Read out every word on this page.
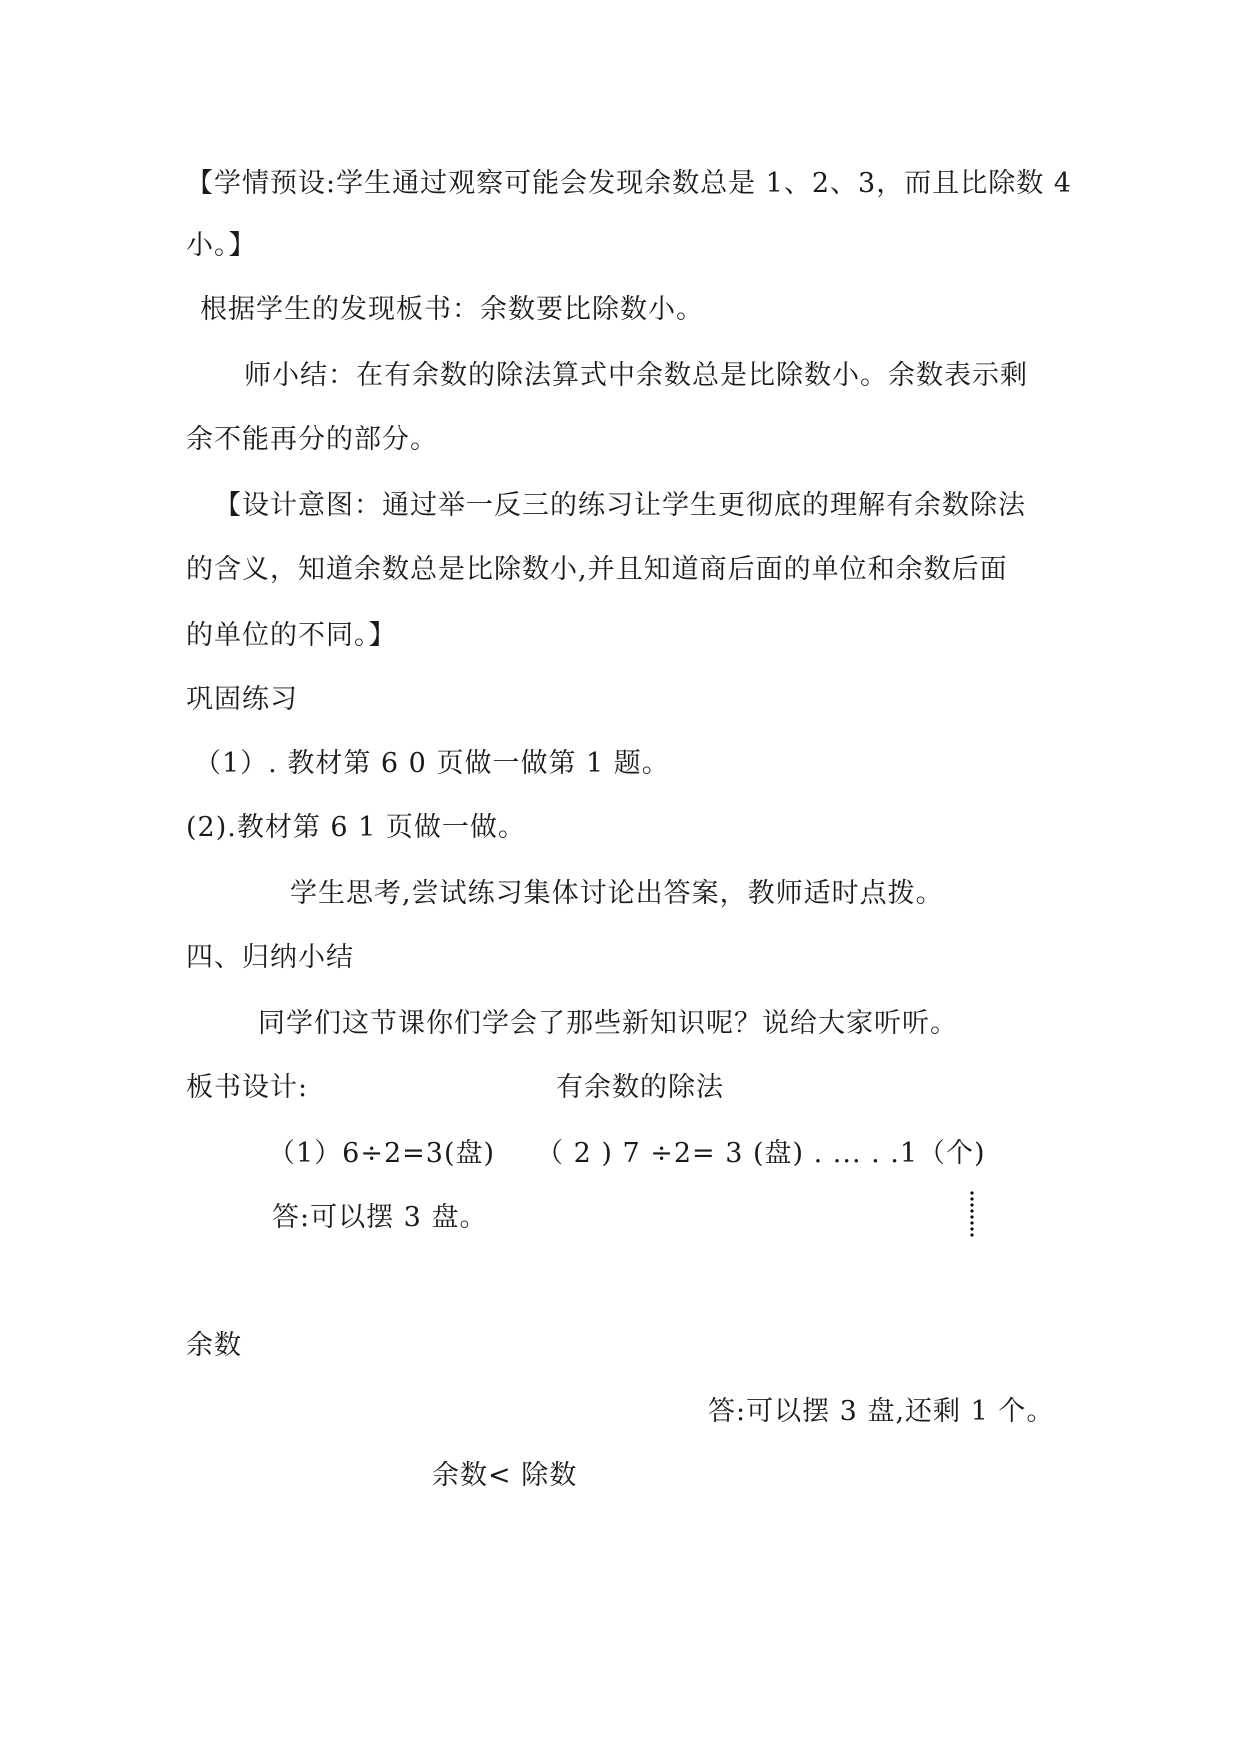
【学情预设:学生通过观察可能会发现余数总是 1、2、3，而且比除数 4
小。】
根据学生的发现板书：余数要比除数小。
师小结：在有余数的除法算式中余数总是比除数小。余数表示剩
余不能再分的部分。
【设计意图：通过举一反三的练习让学生更彻底的理解有余数除法
的含义，知道余数总是比除数小,并且知道商后面的单位和余数后面
的单位的不同。】
巩固练习
（1）. 教材第 6 0 页做一做第 1 题。
(2).教材第 6 1 页做一做。
学生思考,尝试练习集体讨论出答案，教师适时点拨。
四、归纳小结
同学们这节课你们学会了那些新知识呢？说给大家听听。
板书设计:	有余数的除法
（1）6÷2=3(盘) （ 2 ) 7 ÷2= 3 (盘) . ... . .1（个)
答:可以摆 3 盘。
余数
答:可以摆 3 盘,还剩 1 个。
余数< 除数
